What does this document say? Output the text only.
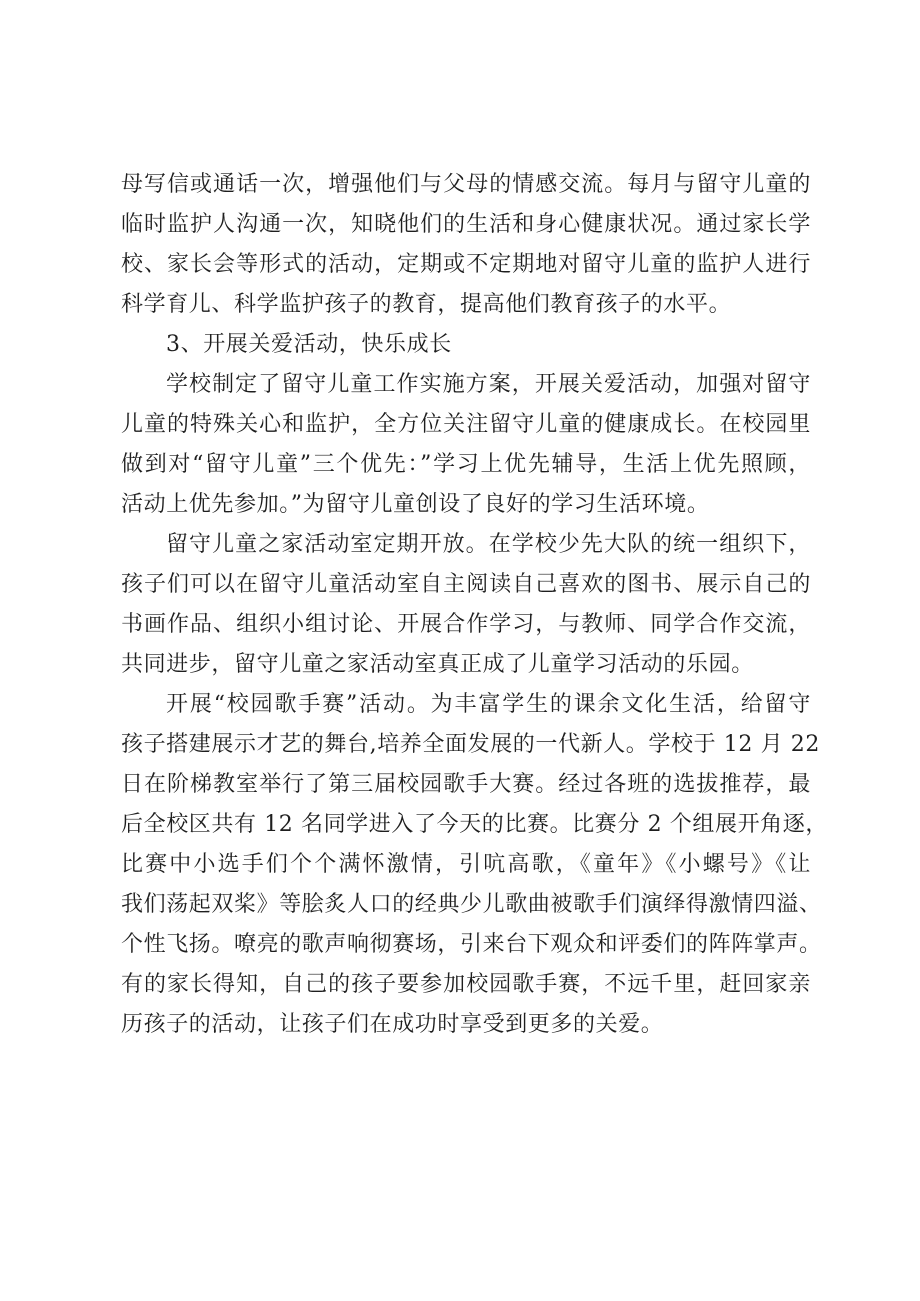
母写信或通话一次，增强他们与父母的情感交流。每月与留守儿童的
临时监护人沟通一次，知晓他们的生活和身心健康状况。通过家长学
校、家长会等形式的活动，定期或不定期地对留守儿童的监护人进行
科学育儿、科学监护孩子的教育，提高他们教育孩子的水平。
3、开展关爱活动，快乐成长
学校制定了留守儿童工作实施方案，开展关爱活动，加强对留守
儿童的特殊关心和监护，全方位关注留守儿童的健康成长。在校园里
做到对“留守儿童”三个优先：”学习上优先辅导，生活上优先照顾，
活动上优先参加。”为留守儿童创设了良好的学习生活环境。
留守儿童之家活动室定期开放。在学校少先大队的统一组织下，
孩子们可以在留守儿童活动室自主阅读自己喜欢的图书、展示自己的
书画作品、组织小组讨论、开展合作学习，与教师、同学合作交流，
共同进步，留守儿童之家活动室真正成了儿童学习活动的乐园。
开展“校园歌手赛”活动。为丰富学生的课余文化生活，给留守
孩子搭建展示才艺的舞台,培养全面发展的一代新人。学校于 12 月 22
日在阶梯教室举行了第三届校园歌手大赛。经过各班的选拔推荐，最
后全校区共有 12 名同学进入了今天的比赛。比赛分 2 个组展开角逐，
比赛中小选手们个个满怀激情，引吭高歌，《童年》《小螺号》《让
我们荡起双桨》等脍炙人口的经典少儿歌曲被歌手们演绎得激情四溢、
个性飞扬。嘹亮的歌声响彻赛场，引来台下观众和评委们的阵阵掌声。
有的家长得知，自己的孩子要参加校园歌手赛，不远千里，赶回家亲
历孩子的活动，让孩子们在成功时享受到更多的关爱。
